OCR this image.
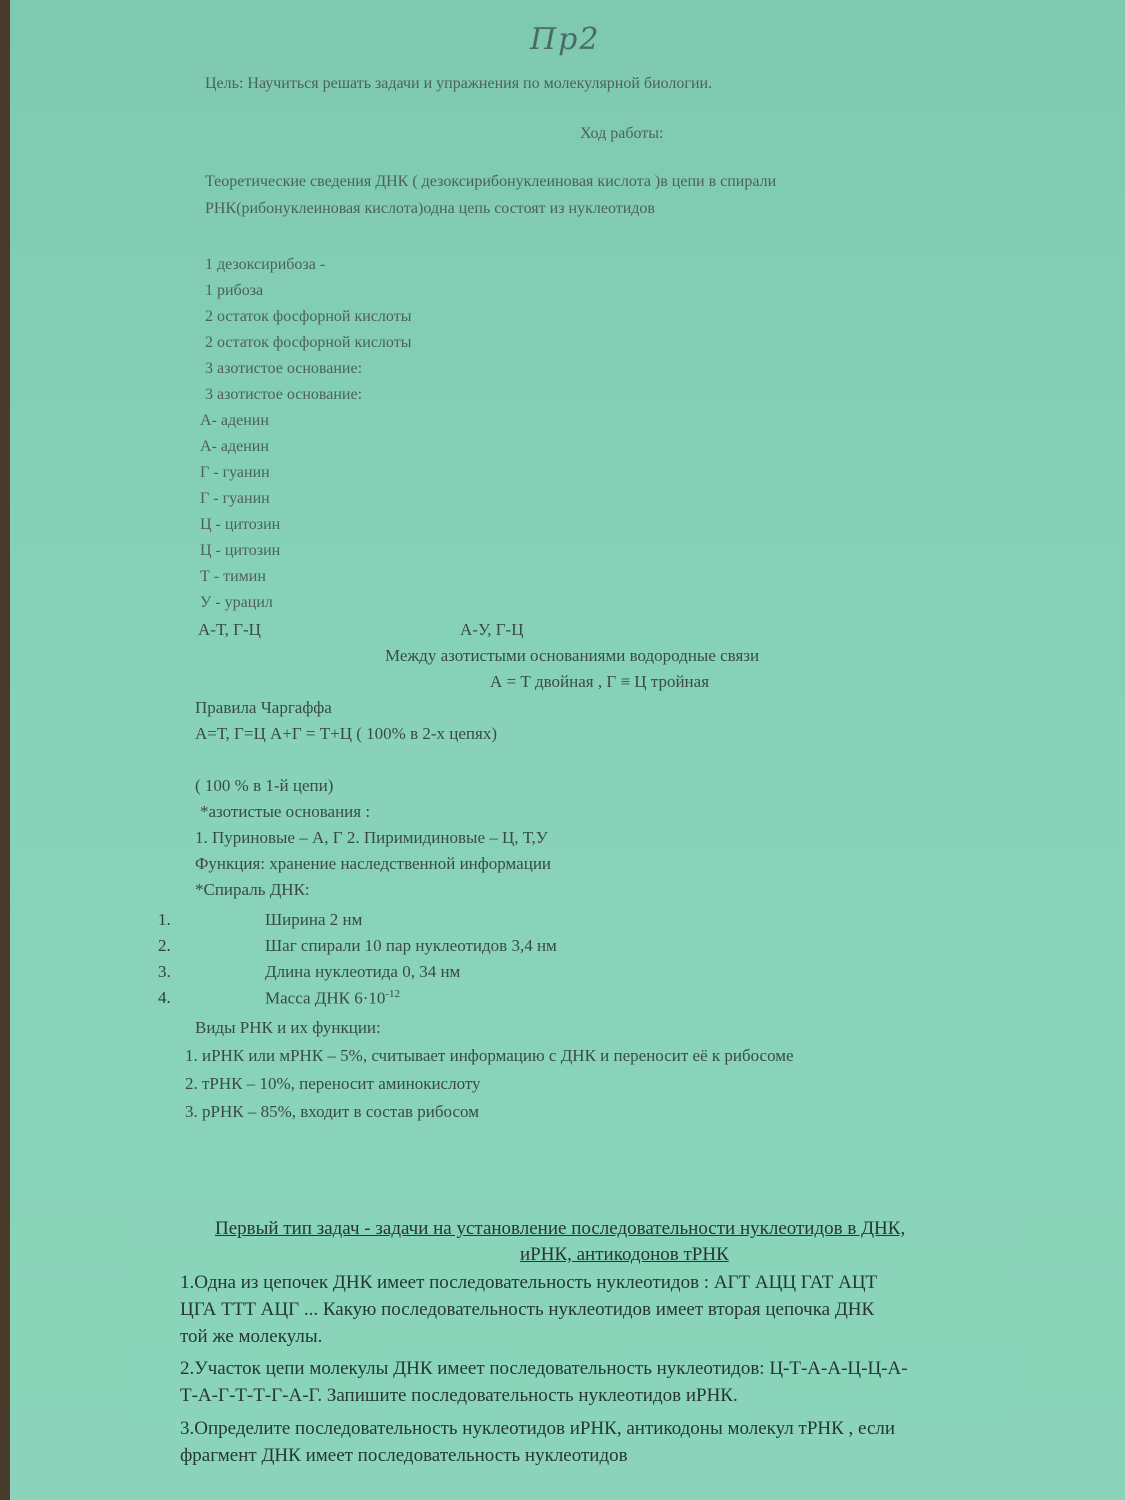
Пр2
Цель: Научиться решать задачи и упражнения по молекулярной биологии.
Ход работы:
Теоретические сведения ДНК ( дезоксирибонуклеиновая кислота )в цепи в спирали
РНК(рибонуклеиновая кислота)одна цепь состоят из нуклеотидов
1 дезоксирибоза -
1 рибоза
2 остаток фосфорной кислоты
2 остаток фосфорной кислоты
3 азотистое основание:
3 азотистое основание:
А- аденин
А- аденин
Г - гуанин
Г - гуанин
Ц - цитозин
Ц - цитозин
Т - тимин
У - урацил
А-Т, Г-Ц	А-У, Г-Ц
Между азотистыми основаниями водородные связи
А = Т двойная , Г ≡ Ц тройная
Правила Чаргаффа
А=Т, Г=Ц А+Г = Т+Ц ( 100% в 2-х цепях)
( 100 % в 1-й цепи)
*азотистые основания :
1. Пуриновые – А, Г 2. Пиримидиновые – Ц, Т,У
Функция: хранение наследственной информации
*Спираль ДНК:
1.	Ширина 2 нм
2.	Шаг спирали 10 пар нуклеотидов 3,4 нм
3.	Длина нуклеотида 0, 34 нм
4.	Масса ДНК $6\cdot 10^{-12}$
Виды РНК и их функции:
1. иРНК или мРНК – 5%, считывает информацию с ДНК и переносит её к рибосоме
2. тРНК – 10%, переносит аминокислоту
3. рРНК – 85%, входит в состав рибосом
Первый тип задач - задачи на установление последовательности нуклеотидов в ДНК,
иРНК, антикодонов тРНК
1.Одна из цепочек ДНК имеет последовательность нуклеотидов : АГТ АЦЦ ГАТ АЦТ
ЦГА ТТТ АЦГ ... Какую последовательность нуклеотидов имеет вторая цепочка ДНК
той же молекулы.
2.Участок цепи молекулы ДНК имеет последовательность нуклеотидов: Ц-Т-А-А-Ц-Ц-А-
Т-А-Г-Т-Т-Г-А-Г. Запишите последовательность нуклеотидов иРНК.
3.Определите последовательность нуклеотидов иРНК, антикодоны молекул тРНК , если
фрагмент ДНК имеет последовательность нуклеотидов
